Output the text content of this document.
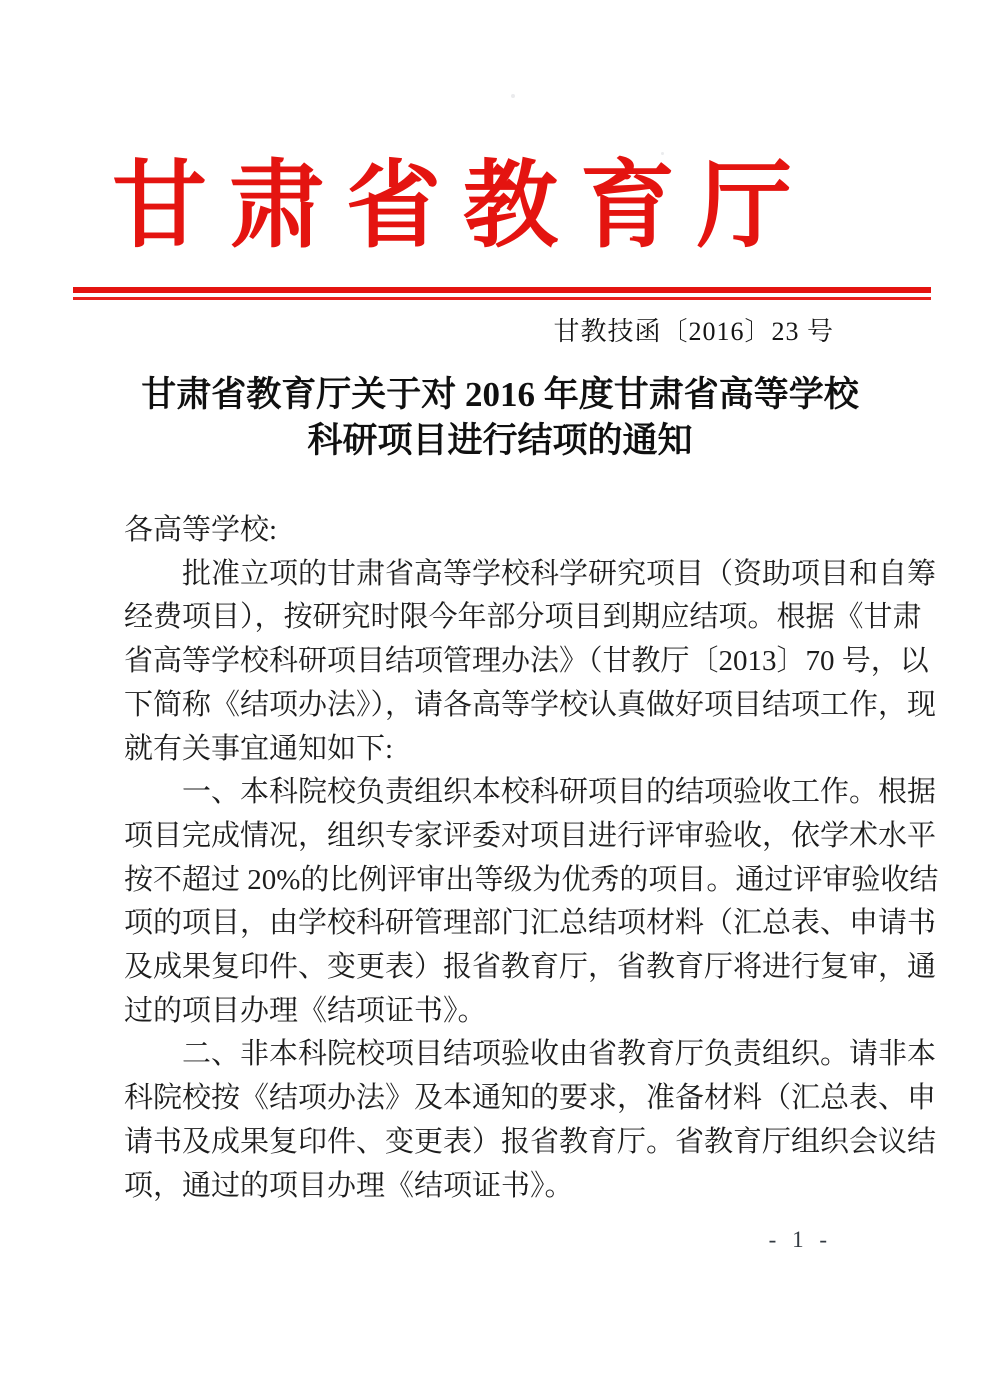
甘肃省教育厅
甘教技函〔2016〕23 号
甘肃省教育厅关于对 2016 年度甘肃省高等学校
科研项目进行结项的通知
各高等学校:
批准立项的甘肃省高等学校科学研究项目（资助项目和自筹
经费项目），按研究时限今年部分项目到期应结项。根据《甘肃
省高等学校科研项目结项管理办法》（甘教厅〔2013〕70 号，以
下简称《结项办法》），请各高等学校认真做好项目结项工作，现
就有关事宜通知如下:
一、本科院校负责组织本校科研项目的结项验收工作。根据
项目完成情况，组织专家评委对项目进行评审验收，依学术水平
按不超过 20%的比例评审出等级为优秀的项目。通过评审验收结
项的项目，由学校科研管理部门汇总结项材料（汇总表、申请书
及成果复印件、变更表）报省教育厅，省教育厅将进行复审，通
过的项目办理《结项证书》。
二、非本科院校项目结项验收由省教育厅负责组织。请非本
科院校按《结项办法》及本通知的要求，准备材料（汇总表、申
请书及成果复印件、变更表）报省教育厅。省教育厅组织会议结
项，通过的项目办理《结项证书》。
- 1 -
